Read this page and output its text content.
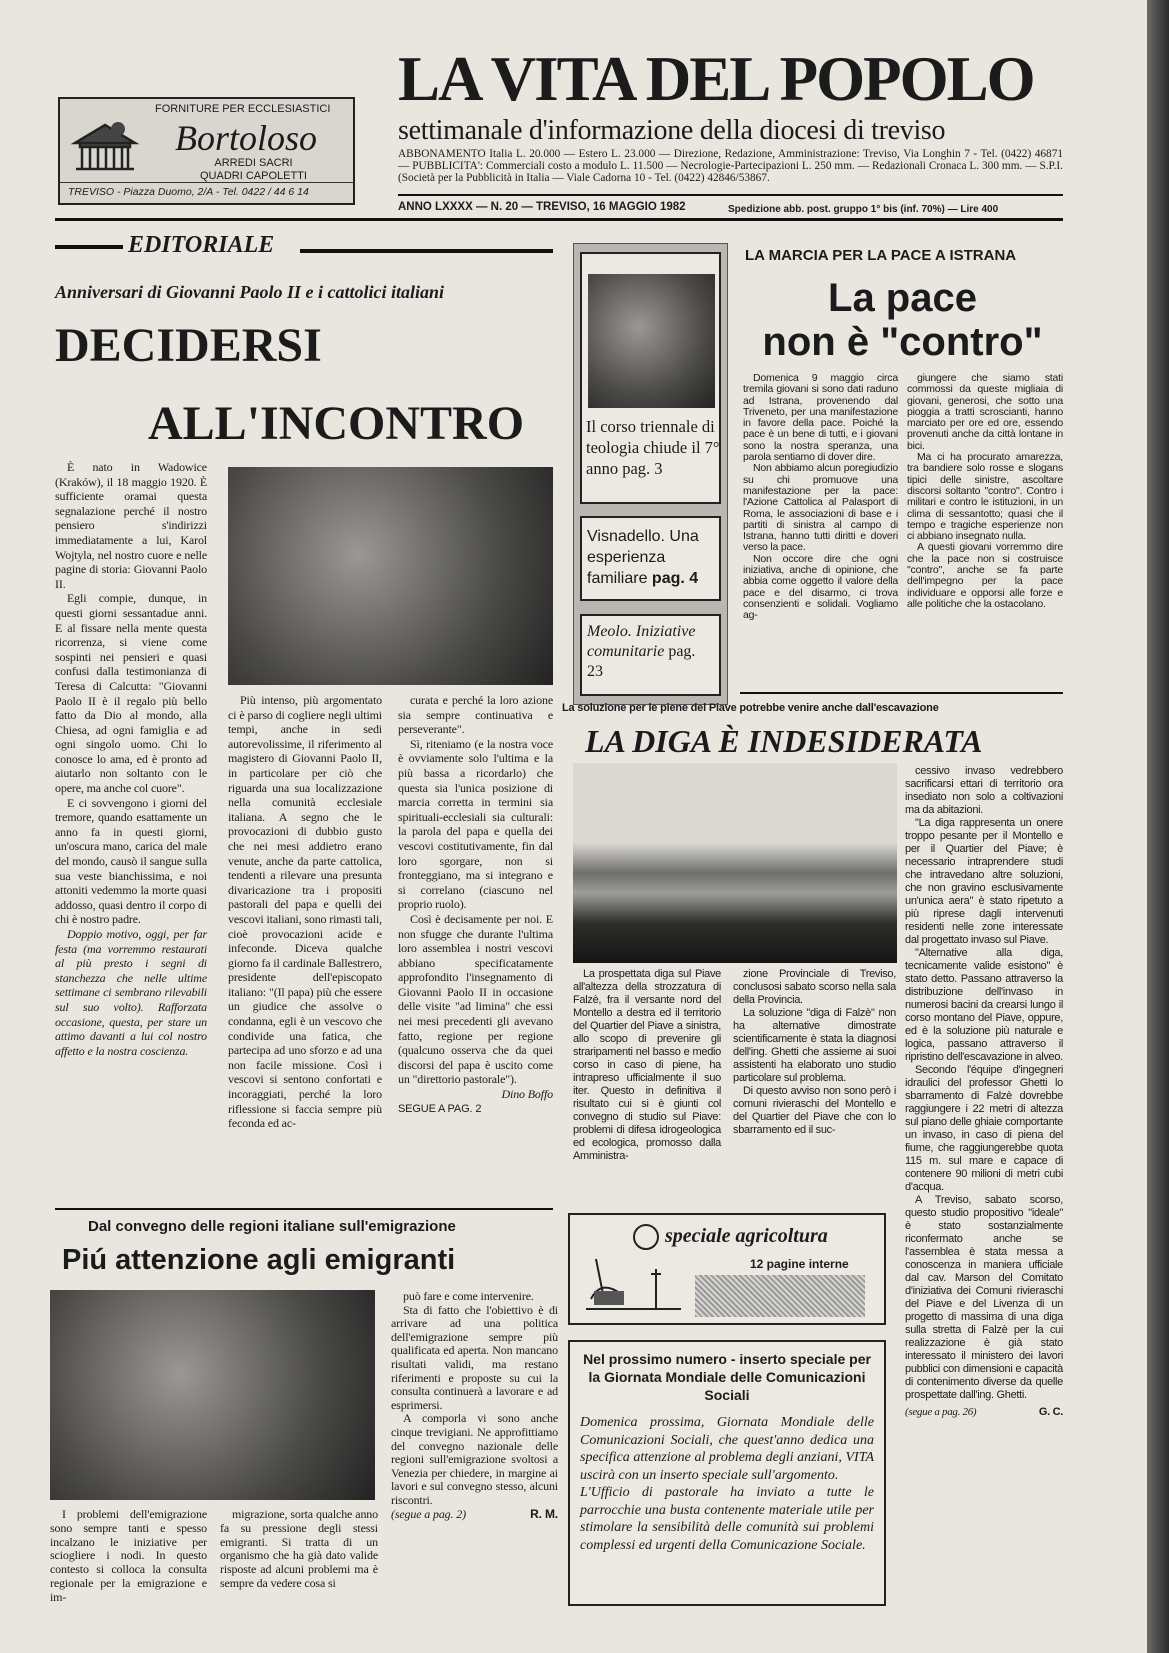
FORNITURE PER ECCLESIASTICI
Bortoloso
ARREDI SACRI
QUADRI CAPOLETTI
TREVISO - Piazza Duomo, 2/A - Tel. 0422 / 44 6 14
LA VITA DEL POPOLO
settimanale d'informazione della diocesi di treviso
ABBONAMENTO Italia L. 20.000 — Estero L. 23.000 — Direzione, Redazione, Amministrazione: Treviso, Via Longhin 7 - Tel. (0422) 46871 — PUBBLICITA': Commerciali costo a modulo L. 11.500 — Necrologie-Partecipazioni L. 250 mm. — Redazionali Cronaca L. 300 mm. — S.P.I. (Società per la Pubblicità in Italia — Viale Cadorna 10 - Tel. (0422) 42846/53867.
ANNO LXXXX — N. 20 — TREVISO, 16 MAGGIO 1982	Spedizione abb. post. gruppo 1° bis (inf. 70%) — Lire 400
EDITORIALE
Anniversari di Giovanni Paolo II e i cattolici italiani
DECIDERSI
ALL'INCONTRO

È nato in Wadowice (Kraków), il 18 maggio 1920. È sufficiente oramai questa segnalazione perché il nostro pensiero s'indirizzi immediatamente a lui, Karol Wojtyla, nel nostro cuore e nelle pagine di storia: Giovanni Paolo II.

Egli compie, dunque, in questi giorni sessantadue anni. E al fissare nella mente questa ricorrenza, si viene come sospinti nei pensieri e quasi confusi dalla testimonianza di Teresa di Calcutta: "Giovanni Paolo II è il regalo più bello fatto da Dio al mondo, alla Chiesa, ad ogni famiglia e ad ogni singolo uomo. Chi lo conosce lo ama, ed è pronto ad aiutarlo non soltanto con le opere, ma anche col cuore".

E ci sovvengono i giorni del tremore, quando esattamente un anno fa in questi giorni, un'oscura mano, carica del male del mondo, causò il sangue sulla sua veste bianchissima, e noi attoniti vedemmo la morte quasi addosso, quasi dentro il corpo di chi è nostro padre.

Doppio motivo, oggi, per far festa (ma vorremmo restaurati al più presto i segni di stanchezza che nelle ultime settimane ci sembrano rilevabili sul suo volto). Rafforzata occasione, questa, per stare un attimo davanti a lui col nostro affetto e la nostra coscienza.

Più intenso, più argomentato ci è parso di cogliere negli ultimi tempi, anche in sedi autorevolissime, il riferimento al magistero di Giovanni Paolo II, in particolare per ciò che riguarda una sua localizzazione nella comunità ecclesiale italiana. A segno che le provocazioni di dubbio gusto che nei mesi addietro erano venute, anche da parte cattolica, tendenti a rilevare una presunta divaricazione tra i propositi pastorali del papa e quelli dei vescovi italiani, sono rimasti tali, cioè provocazioni acide e infeconde. Diceva qualche giorno fa il cardinale Ballestrero, presidente dell'episcopato italiano: "(Il papa) più che essere un giudice che assolve o condanna, egli è un vescovo che condivide una fatica, che partecipa ad uno sforzo e ad una non facile missione. Così i vescovi si sentono confortati e incoraggiati, perché la loro riflessione si faccia sempre più feconda ed ac-

curata e perché la loro azione sia sempre continuativa e perseverante".

Sì, riteniamo (e la nostra voce è ovviamente solo l'ultima e la più bassa a ricordarlo) che questa sia l'unica posizione di marcia corretta in termini sia spirituali-ecclesiali sia culturali: la parola del papa e quella dei vescovi costitutivamente, fin dal loro sgorgare, non si fronteggiano, ma si integrano e si correlano (ciascuno nel proprio ruolo).

Così è decisamente per noi. E non sfugge che durante l'ultima loro assemblea i nostri vescovi abbiano specificatamente approfondito l'insegnamento di Giovanni Paolo II in occasione delle visite "ad limina" che essi nei mesi precedenti gli avevano fatto, regione per regione (qualcuno osserva che da quei discorsi del papa è uscito come un "direttorio pastorale").

Dino Boffo
SEGUE A PAG. 2
Il corso triennale di teologia chiude il 7° anno pag. 3
Visnadello. Una esperienza familiare pag. 4
Meolo. Iniziative comunitarie pag. 23
LA MARCIA PER LA PACE A ISTRANA
La pace
non è "contro"

Domenica 9 maggio circa tremila giovani si sono dati raduno ad Istrana, provenendo dal Triveneto, per una manifestazione in favore della pace. Poiché la pace è un bene di tutti, e i giovani sono la nostra speranza, una parola sentiamo di dover dire.

Non abbiamo alcun poregiudizio su chi promuove una manifestazione per la pace: l'Azione Cattolica al Palasport di Roma, le associazioni di base e i partiti di sinistra al campo di Istrana, hanno tutti diritti e doveri verso la pace.

Non occore dire che ogni iniziativa, anche di opinione, che abbia come oggetto il valore della pace e del disarmo, ci trova consenzienti e solidali. Vogliamo ag-

giungere che siamo stati commossi da queste migliaia di giovani, generosi, che sotto una pioggia a tratti scroscianti, hanno marciato per ore ed ore, essendo provenuti anche da città lontane in bici.

Ma ci ha procurato amarezza, tra bandiere solo rosse e slogans tipici delle sinistre, ascoltare discorsi soltanto "contro". Contro i militari e contro le istituzioni, in un clima di sessantotto; quasi che il tempo e tragiche esperienze non ci abbiano insegnato nulla.

A questi giovani vorremmo dire che la pace non si costruisce "contro", anche se fa parte dell'impegno per la pace individuare e opporsi alle forze e alle politiche che la ostacolano.

La soluzione per le piene del Piave potrebbe venire anche dall'escavazione
LA DIGA È INDESIDERATA

La prospettata diga sul Piave all'altezza della strozzatura di Falzè, fra il versante nord del Montello a destra ed il territorio del Quartier del Piave a sinistra, allo scopo di prevenire gli straripamenti nel basso e medio corso in caso di piene, ha intrapreso ufficialmente il suo iter. Questo in definitiva il risultato cui si è giunti col convegno di studio sul Piave: problemi di difesa idrogeologica ed ecologica, promosso dalla Amministra-

zione Provinciale di Treviso, conclusosi sabato scorso nella sala della Provincia.

La soluzione "diga di Falzè" non ha alternative dimostrate scientificamente è stata la diagnosi dell'ing. Ghetti che assieme ai suoi assistenti ha elaborato uno studio particolare sul problema.

Di questo avviso non sono però i comuni rivieraschi del Montello e del Quartier del Piave che con lo sbarramento ed il suc-

cessivo invaso vedrebbero sacrificarsi ettari di territorio ora insediato non solo a coltivazioni ma da abitazioni.

"La diga rappresenta un onere troppo pesante per il Montello e per il Quartier del Piave; è necessario intraprendere studi che intravedano altre soluzioni, che non gravino esclusivamente un'unica aera" è stato ripetuto a più riprese dagli intervenuti residenti nelle zone interessate dal progettato invaso sul Piave.

"Alternative alla diga, tecnicamente valide esistono" è stato detto. Passano attraverso la distribuzione dell'invaso in numerosi bacini da crearsi lungo il corso montano del Piave, oppure, ed è la soluzione più naturale e logica, passano attraverso il ripristino dell'escavazione in alveo.

Secondo l'équipe d'ingegneri idraulici del professor Ghetti lo sbarramento di Falzè dovrebbe raggiungere i 22 metri di altezza sul piano delle ghiaie comportante un invaso, in caso di piena del fiume, che raggiungerebbe quota 115 m. sul mare e capace di contenere 90 milioni di metri cubi d'acqua.

A Treviso, sabato scorso, questo studio propositivo "ideale" è stato sostanzialmente riconfermato anche se l'assemblea è stata messa a conoscenza in maniera ufficiale dal cav. Marson del Comitato d'iniziativa dei Comuni rivieraschi del Piave e del Livenza di un progetto di massima di una diga sulla stretta di Falzè per la cui realizzazione è già stato interessato il ministero dei lavori pubblici con dimensioni e capacità di contenimento diverse da quelle prospettate dall'ing. Ghetti.

(segue a pag. 26)	G. C.
speciale agricoltura
12 pagine interne
Nel prossimo numero - inserto speciale per la Giornata Mondiale delle Comunicazioni Sociali

Domenica prossima, Giornata Mondiale delle Comunicazioni Sociali, che quest'anno dedica una specifica attenzione al problema degli anziani, VITA uscirà con un inserto speciale sull'argomento.

L'Ufficio di pastorale ha inviato a tutte le parrocchie una busta contenente materiale utile per stimolare la sensibilità delle comunità sui problemi complessi ed urgenti della Comunicazione Sociale.

Dal convegno delle regioni italiane sull'emigrazione
Piú attenzione agli emigranti

I problemi dell'emigrazione sono sempre tanti e spesso incalzano le iniziative per sciogliere i nodi. In questo contesto si colloca la consulta regionale per la emigrazione e im-

migrazione, sorta qualche anno fa su pressione degli stessi emigranti. Si tratta di un organismo che ha già dato valide risposte ad alcuni problemi ma è sempre da vedere cosa si

può fare e come intervenire.

Sta di fatto che l'obiettivo è di arrivare ad una politica dell'emigrazione sempre più qualificata ed aperta. Non mancano risultati validi, ma restano riferimenti e proposte su cui la consulta continuerà a lavorare e ad esprimersi.

A comporla vi sono anche cinque trevigiani. Ne approfittiamo del convegno nazionale delle regioni sull'emigrazione svoltosi a Venezia per chiedere, in margine ai lavori e sul convegno stesso, alcuni riscontri.

(segue a pag. 2)	R. M.
